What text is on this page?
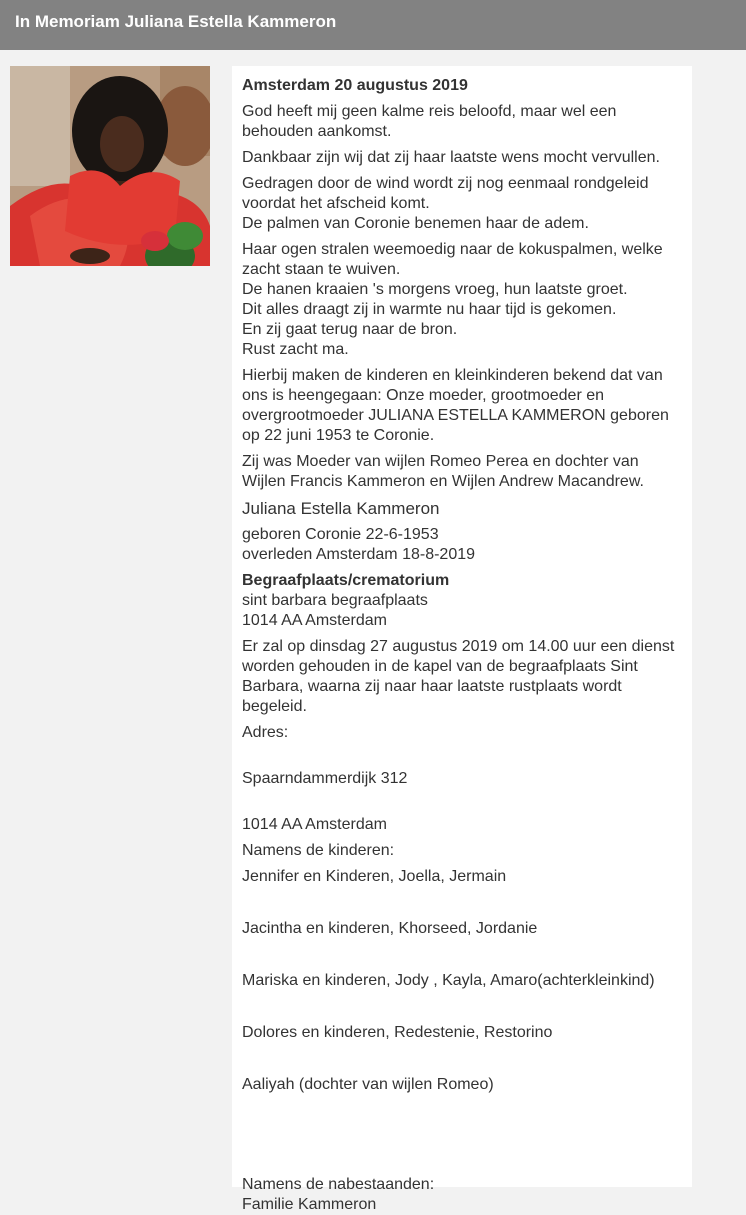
In Memoriam Juliana Estella Kammeron

Amsterdam 20 augustus 2019

God heeft mij geen kalme reis beloofd, maar wel een behouden aankomst.

Dankbaar zijn wij dat zij haar laatste wens mocht vervullen.

Gedragen door de wind wordt zij nog eenmaal rondgeleid voordat het afscheid komt.
De palmen van Coronie benemen haar de adem.

Haar ogen stralen weemoedig naar de kokuspalmen, welke zacht staan te wuiven.
De hanen kraaien 's morgens vroeg, hun laatste groet.
Dit alles draagt zij in warmte nu haar tijd is gekomen.
En zij gaat terug naar de bron.
Rust zacht ma.

Hierbij maken de kinderen en kleinkinderen bekend dat van ons is heengegaan: Onze moeder, grootmoeder en overgrootmoeder JULIANA ESTELLA KAMMERON geboren op 22 juni 1953 te Coronie.

Zij was Moeder van wijlen Romeo Perea en dochter van Wijlen Francis Kammeron en Wijlen Andrew Macandrew.

Juliana Estella Kammeron

geboren Coronie 22-6-1953
overleden Amsterdam 18-8-2019

Begraafplaats/crematorium
sint barbara begraafplaats
1014 AA Amsterdam

Er zal op dinsdag 27 augustus 2019 om 14.00 uur een dienst worden gehouden in de kapel van de begraafplaats Sint Barbara, waarna zij naar haar laatste rustplaats wordt begeleid.

Adres:

Spaarndammerdijk 312

1014 AA Amsterdam

Namens de kinderen:

Jennifer en Kinderen, Joella, Jermain

Jacintha en kinderen, Khorseed, Jordanie

Mariska en kinderen, Jody , Kayla, Amaro(achterkleinkind)

Dolores en kinderen, Redestenie, Restorino

Aaliyah (dochter van wijlen Romeo)

Namens de nabestaanden:
Familie Kammeron
